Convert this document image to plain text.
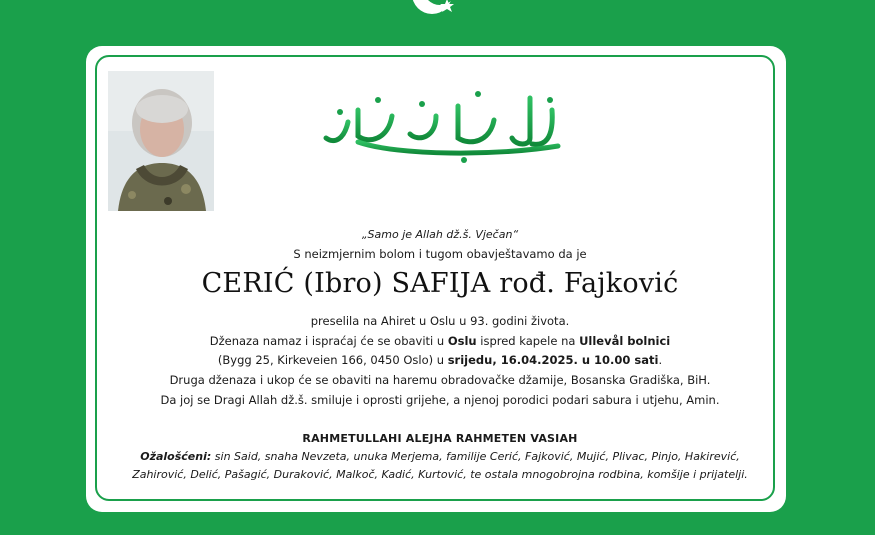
„Samo je Allah dž.š. Vječan“
S neizmjernim bolom i tugom obavještavamo da je
CERIĆ (Ibro) SAFIJA rođ. Fajković
preselila na Ahiret u Oslu u 93. godini života.
Dženaza namaz i ispraćaj će se obaviti u Oslu ispred kapele na Ullevål bolnici
(Bygg 25, Kirkeveien 166, 0450 Oslo) u srijedu, 16.04.2025. u 10.00 sati.
Druga dženaza i ukop će se obaviti na haremu obradovačke džamije, Bosanska Gradiška, BiH.
Da joj se Dragi Allah dž.š. smiluje i oprosti grijehe, a njenoj porodici podari sabura i utjehu, Amin.
RAHMETULLAHI ALEJHA RAHMETEN VASIAH
Ožalošćeni: sin Said, snaha Nevzeta, unuka Merjema, familije Cerić, Fajković, Mujić, Plivac, Pinjo, Hakirević,
Zahirović, Delić, Pašagić, Duraković, Malkoč, Kadić, Kurtović, te ostala mnogobrojna rodbina, komšije i prijatelji.
